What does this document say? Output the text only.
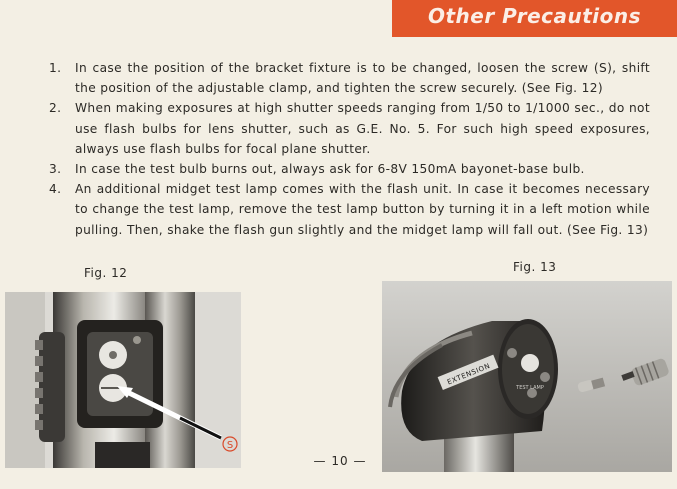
Other Precautions
1. In case the position of the bracket fixture is to be changed, loosen the screw (S), shift the position of the adjustable clamp, and tighten the screw securely. (See Fig. 12)
2. When making exposures at high shutter speeds ranging from 1/50 to 1/1000 sec., do not use flash bulbs for lens shutter, such as G.E. No. 5. For such high speed exposures, always use flash bulbs for focal plane shutter.
3. In case the test bulb burns out, always ask for 6-8V 150mA bayonet-base bulb.
4. An additional midget test lamp comes with the flash unit. In case it becomes necessary to change the test lamp, remove the test lamp button by turning it in a left motion while pulling. Then, shake the flash gun slightly and the midget lamp will fall out. (See Fig. 13)
Fig. 12	Fig. 13
S
EXTENSION
TEST LAMP
— 10 —
